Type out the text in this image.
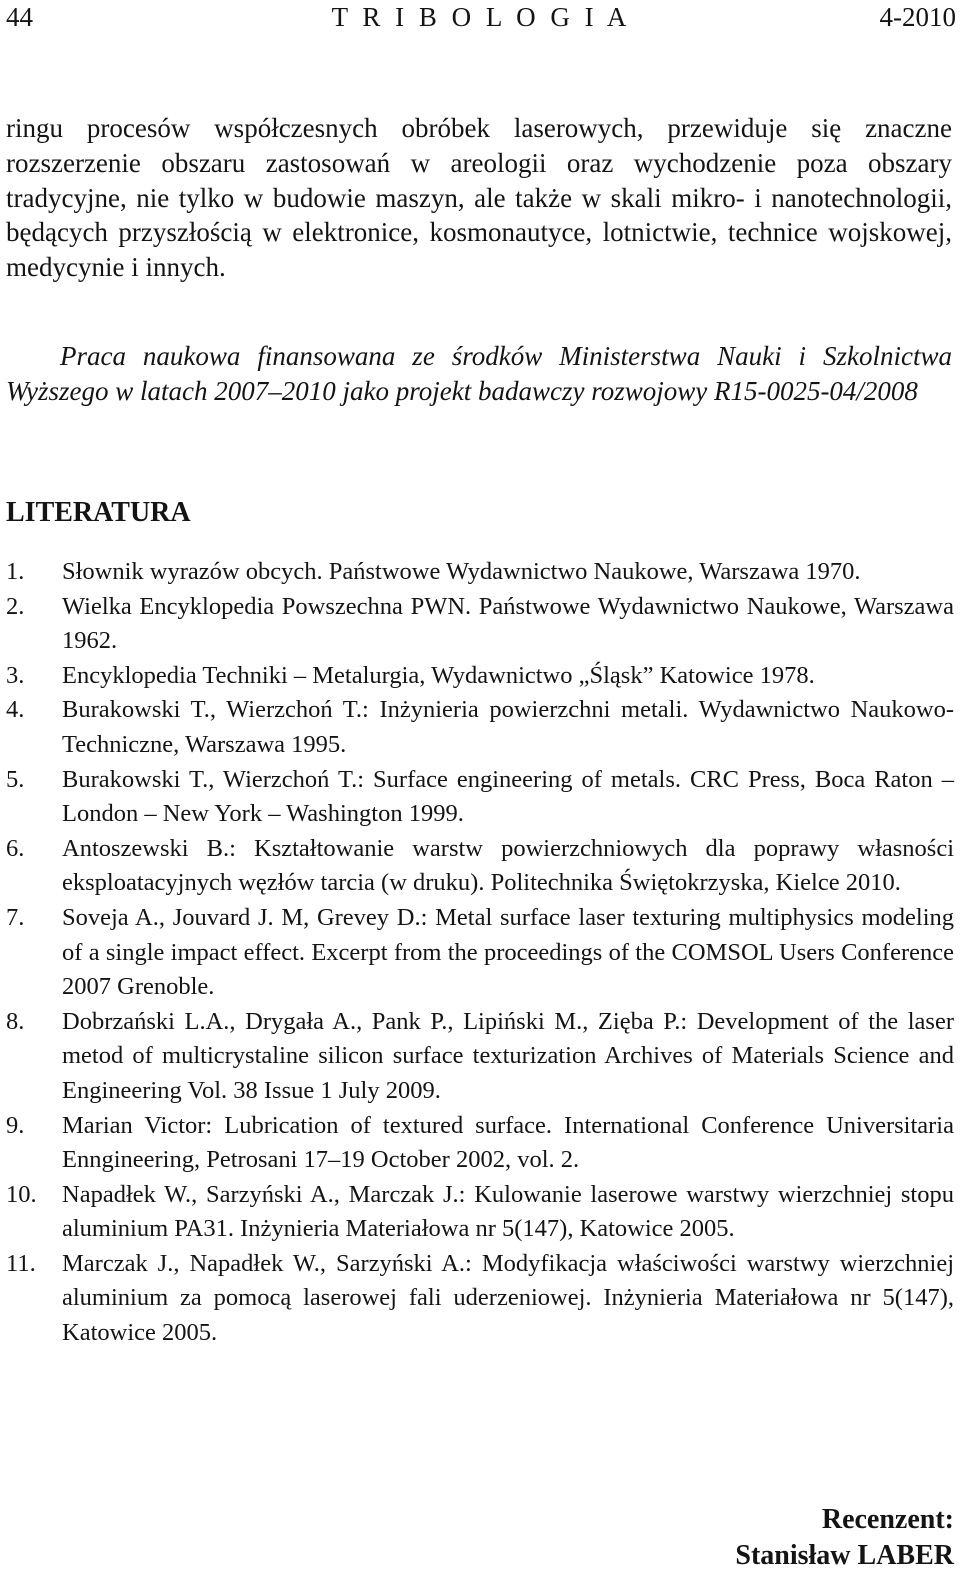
44	T R I B O L O G I A	4-2010

ringu procesów współczesnych obróbek laserowych, przewiduje się znaczne rozszerzenie obszaru zastosowań w areologii oraz wychodzenie poza obszary tradycyjne, nie tylko w budowie maszyn, ale także w skali mikro- i nanotechnologii, będących przyszłością w elektronice, kosmonautyce, lotnictwie, technice wojskowej, medycynie i innych.

Praca naukowa finansowana ze środków Ministerstwa Nauki i Szkolnictwa Wyższego w latach 2007–2010 jako projekt badawczy rozwojowy R15-0025-04/2008

LITERATURA
1. Słownik wyrazów obcych. Państwowe Wydawnictwo Naukowe, Warszawa 1970.
2. Wielka Encyklopedia Powszechna PWN. Państwowe Wydawnictwo Naukowe, Warszawa 1962.
3. Encyklopedia Techniki – Metalurgia, Wydawnictwo „Śląsk” Katowice 1978.
4. Burakowski T., Wierzchoń T.: Inżynieria powierzchni metali. Wydawnictwo Naukowo-Techniczne, Warszawa 1995.
5. Burakowski T., Wierzchoń T.: Surface engineering of metals. CRC Press, Boca Raton – London – New York – Washington 1999.
6. Antoszewski B.: Kształtowanie warstw powierzchniowych dla poprawy własności eksploatacyjnych węzłów tarcia (w druku). Politechnika Świętokrzyska, Kielce 2010.
7. Soveja A., Jouvard J. M, Grevey D.: Metal surface laser texturing multiphysics modeling of a single impact effect. Excerpt from the proceedings of the COMSOL Users Conference 2007 Grenoble.
8. Dobrzański L.A., Drygała A., Pank P., Lipiński M., Zięba P.: Development of the laser metod of multicrystaline silicon surface texturization Archives of Materials Science and Engineering Vol. 38 Issue 1 July 2009.
9. Marian Victor: Lubrication of textured surface. International Conference Universitaria Enngineering, Petrosani 17–19 October 2002, vol. 2.
10. Napadłek W., Sarzyński A., Marczak J.: Kulowanie laserowe warstwy wierzchniej stopu aluminium PA31. Inżynieria Materiałowa nr 5(147), Katowice 2005.
11. Marczak J., Napadłek W., Sarzyński A.: Modyfikacja właściwości warstwy wierzchniej aluminium za pomocą laserowej fali uderzeniowej. Inżynieria Materiałowa nr 5(147), Katowice 2005.
Recenzent:
Stanisław LABER
